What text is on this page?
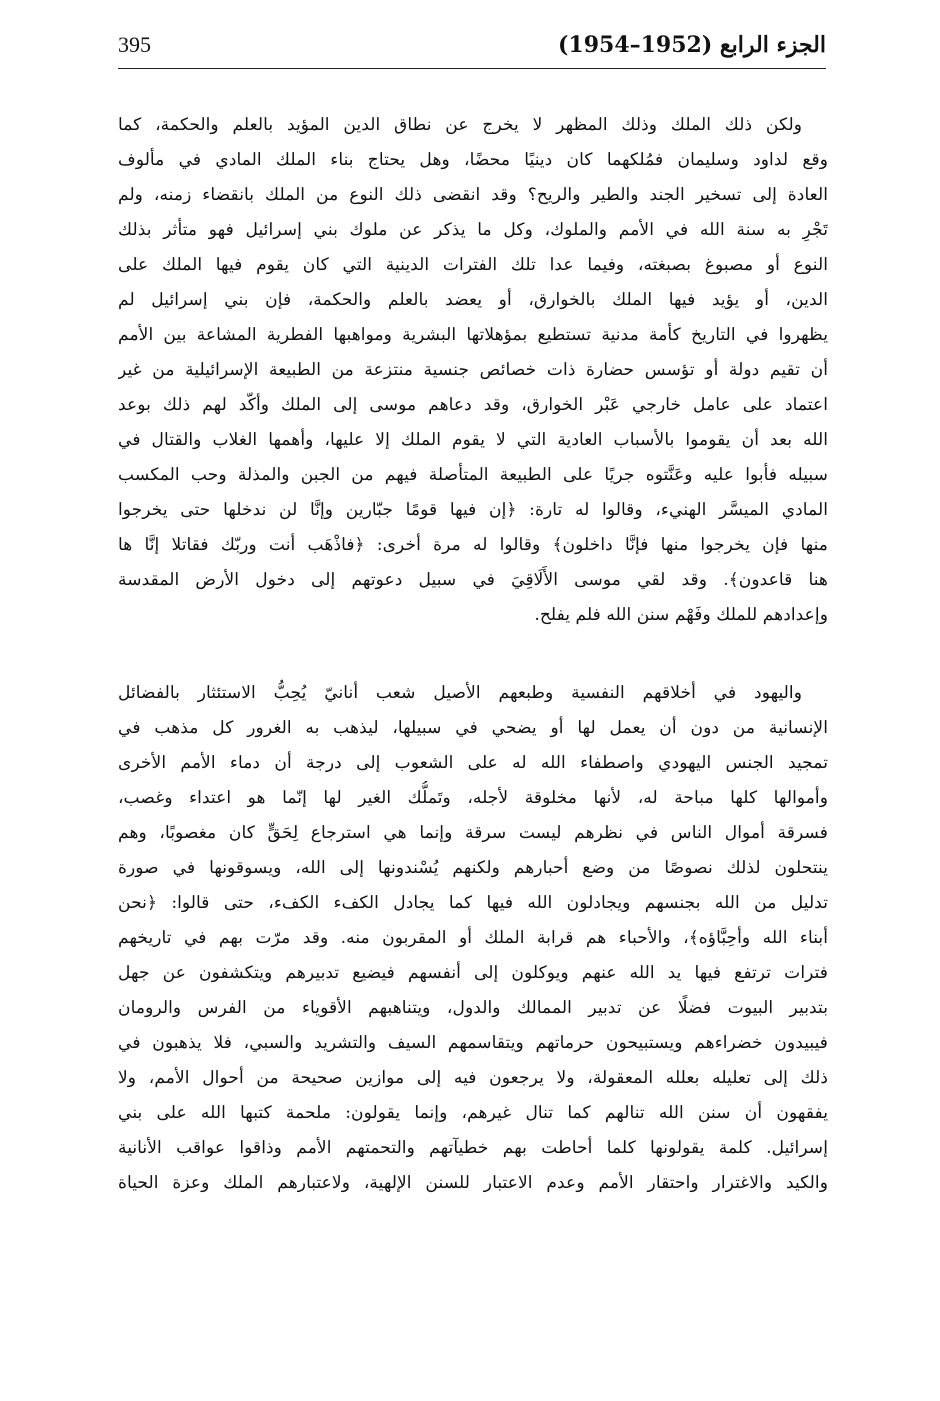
395	الجزء الرابع (1952–1954)
ولكن ذلك الملك وذلك المظهر لا يخرج عن نطاق الدين المؤيد بالعلم والحكمة، كما
وقع لداود وسليمان فمُلكهما كان دينيًا محضًا، وهل يحتاج بناء الملك المادي في مألوف
العادة إلى تسخير الجند والطير والريح؟ وقد انقضى ذلك النوع من الملك بانقضاء زمنه، ولم
تَجْرِ به سنة الله في الأمم والملوك، وكل ما يذكر عن ملوك بني إسرائيل فهو متأثر بذلك
النوع أو مصبوغ بصبغته، وفيما عدا تلك الفترات الدينية التي كان يقوم فيها الملك على
الدين، أو يؤيد فيها الملك بالخوارق، أو يعضد بالعلم والحكمة، فإن بني إسرائيل لم
يظهروا في التاريخ كأمة مدنية تستطيع بمؤهلاتها البشرية ومواهبها الفطرية المشاعة بين الأمم
أن تقيم دولة أو تؤسس حضارة ذات خصائص جنسية منتزعة من الطبيعة الإسرائيلية من غير
اعتماد على عامل خارجي عَبْر الخوارق، وقد دعاهم موسى إلى الملك وأكّد لهم ذلك بوعد
الله بعد أن يقوموا بالأسباب العادية التي لا يقوم الملك إلا عليها، وأهمها الغلاب والقتال في
سبيله فأبوا عليه وعَنَّتوه جريًا على الطبيعة المتأصلة فيهم من الجبن والمذلة وحب المكسب
المادي الميسَّر الهنيء، وقالوا له تارة: ﴿إن فيها قومًا جبّارين وإنَّا لن ندخلها حتى يخرجوا
منها فإن يخرجوا منها فإنَّا داخلون﴾ وقالوا له مرة أخرى: ﴿فاذْهَب أنت وربّك فقاتلا إنَّا ها
هنا قاعدون﴾. وقد لقي موسى الأَلَاقِيَ في سبيل دعوتهم إلى دخول الأرض المقدسة
وإعدادهم للملك وفَهْم سنن الله فلم يفلح.
واليهود في أخلاقهم النفسية وطبعهم الأصيل شعب أنانيّ يُحِبُّ الاستئثار بالفضائل
الإنسانية من دون أن يعمل لها أو يضحي في سبيلها، ليذهب به الغرور كل مذهب في
تمجيد الجنس اليهودي واصطفاء الله له على الشعوب إلى درجة أن دماء الأمم الأخرى
وأموالها كلها مباحة له، لأنها مخلوقة لأجله، وتَملُّك الغير لها إنّما هو اعتداء وغصب،
فسرقة أموال الناس في نظرهم ليست سرقة وإنما هي استرجاع لِحَقٍّ كان مغصوبًا، وهم
ينتحلون لذلك نصوصًا من وضع أحبارهم ولكنهم يُسْندونها إلى الله، ويسوقونها في صورة
تدليل من الله بجنسهم ويجادلون الله فيها كما يجادل الكفء الكفء، حتى قالوا: ﴿نحن
أبناء الله وأحِبَّاؤه﴾، والأحباء هم قرابة الملك أو المقربون منه. وقد مرّت بهم في تاريخهم
فترات ترتفع فيها يد الله عنهم ويوكلون إلى أنفسهم فيضيع تدبيرهم ويتكشفون عن جهل
بتدبير البيوت فضلًا عن تدبير الممالك والدول، ويتناهبهم الأقوياء من الفرس والرومان
فيبيدون خضراءهم ويستبيحون حرماتهم ويتقاسمهم السيف والتشريد والسبي، فلا يذهبون في
ذلك إلى تعليله بعلله المعقولة، ولا يرجعون فيه إلى موازين صحيحة من أحوال الأمم، ولا
يفقهون أن سنن الله تنالهم كما تنال غيرهم، وإنما يقولون: ملحمة كتبها الله على بني
إسرائيل. كلمة يقولونها كلما أحاطت بهم خطيآتهم والتحمتهم الأمم وذاقوا عواقب الأنانية
والكيد والاغترار واحتقار الأمم وعدم الاعتبار للسنن الإلهية، ولاعتبارهم الملك وعزة الحياة
